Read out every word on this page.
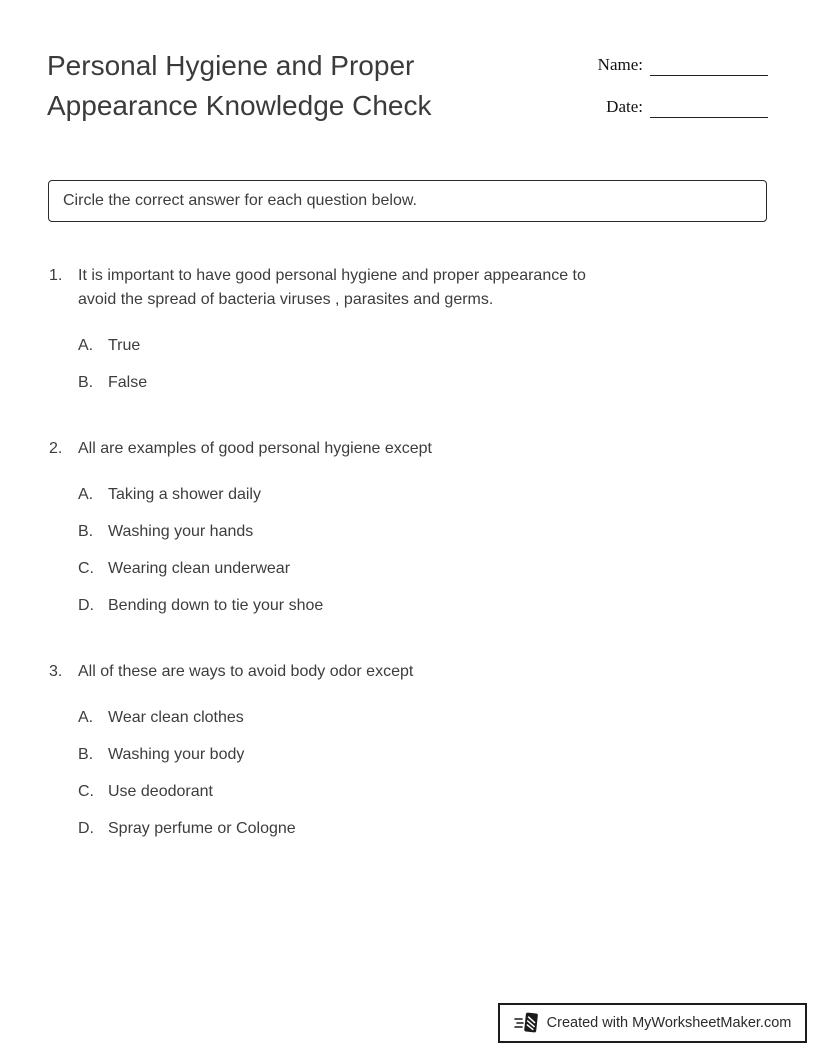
Personal Hygiene and Proper Appearance Knowledge Check
Name:
Date:
Circle the correct answer for each question below.
1. It is important to have good personal hygiene and proper appearance to avoid the spread of bacteria viruses , parasites and germs.
A. True
B. False
2. All are examples of good personal hygiene except
A. Taking a shower daily
B. Washing your hands
C. Wearing clean underwear
D. Bending down to tie your shoe
3. All of these are ways to avoid body odor except
A. Wear clean clothes
B. Washing your body
C. Use deodorant
D. Spray perfume or Cologne
Created with MyWorksheetMaker.com
